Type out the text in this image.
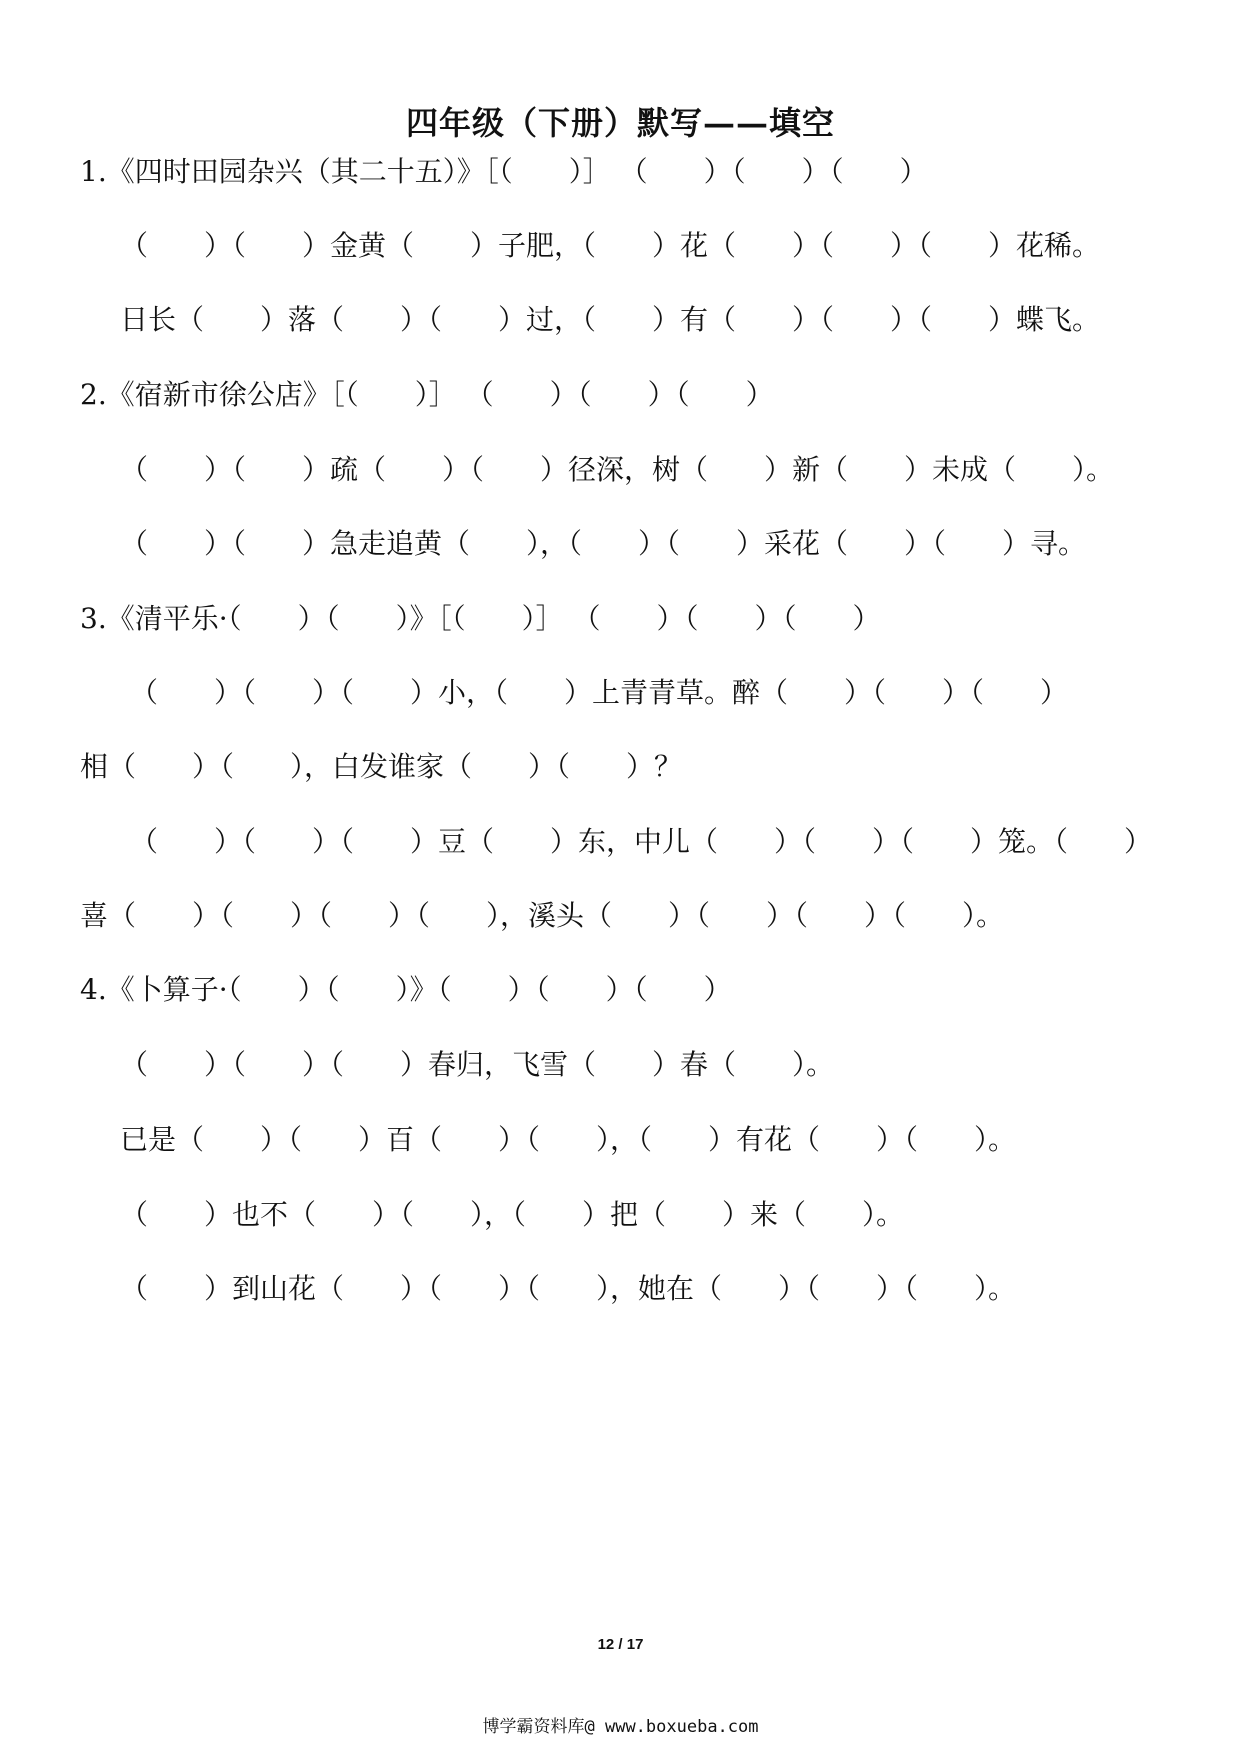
四年级（下册）默写——填空
1.《四时田园杂兴（其二十五）》［（　　）］ （　　）（　　）（　　）
（　　）（　　）金黄（　　）子肥，（　　）花（　　）（　　）（　　）花稀。
日长（　　）落（　　）（　　）过，（　　）有（　　）（　　）（　　）蝶飞。
2.《宿新市徐公店》［（　　）］ （　　）（　　）（　　）
（　　）（　　）疏（　　）（　　）径深，树（　　）新（　　）未成（　　）。
（　　）（　　）急走追黄（　　），（　　）（　　）采花（　　）（　　）寻。
3.《清平乐·（　　）（　　）》［（　　）］ （　　）（　　）（　　）
（　　）（　　）（　　）小，（　　）上青青草。醉（　　）（　　）（　　）
相（　　）（　　），白发谁家（　　）（　　）？
（　　）（　　）（　　）豆（　　）东，中儿（　　）（　　）（　　）笼。（　　）
喜（　　）（　　）（　　）（　　），溪头（　　）（　　）（　　）（　　）。
4.《卜算子·（　　）（　　）》（　　）（　　）（　　）
（　　）（　　）（　　）春归，飞雪（　　）春（　　）。
已是（　　）（　　）百（　　）（　　），（　　）有花（　　）（　　）。
（　　）也不（　　）（　　），（　　）把（　　）来（　　）。
（　　）到山花（　　）（　　）（　　），她在（　　）（　　）（　　）。
12 / 17
博学霸资料库@ www.boxueba.com
